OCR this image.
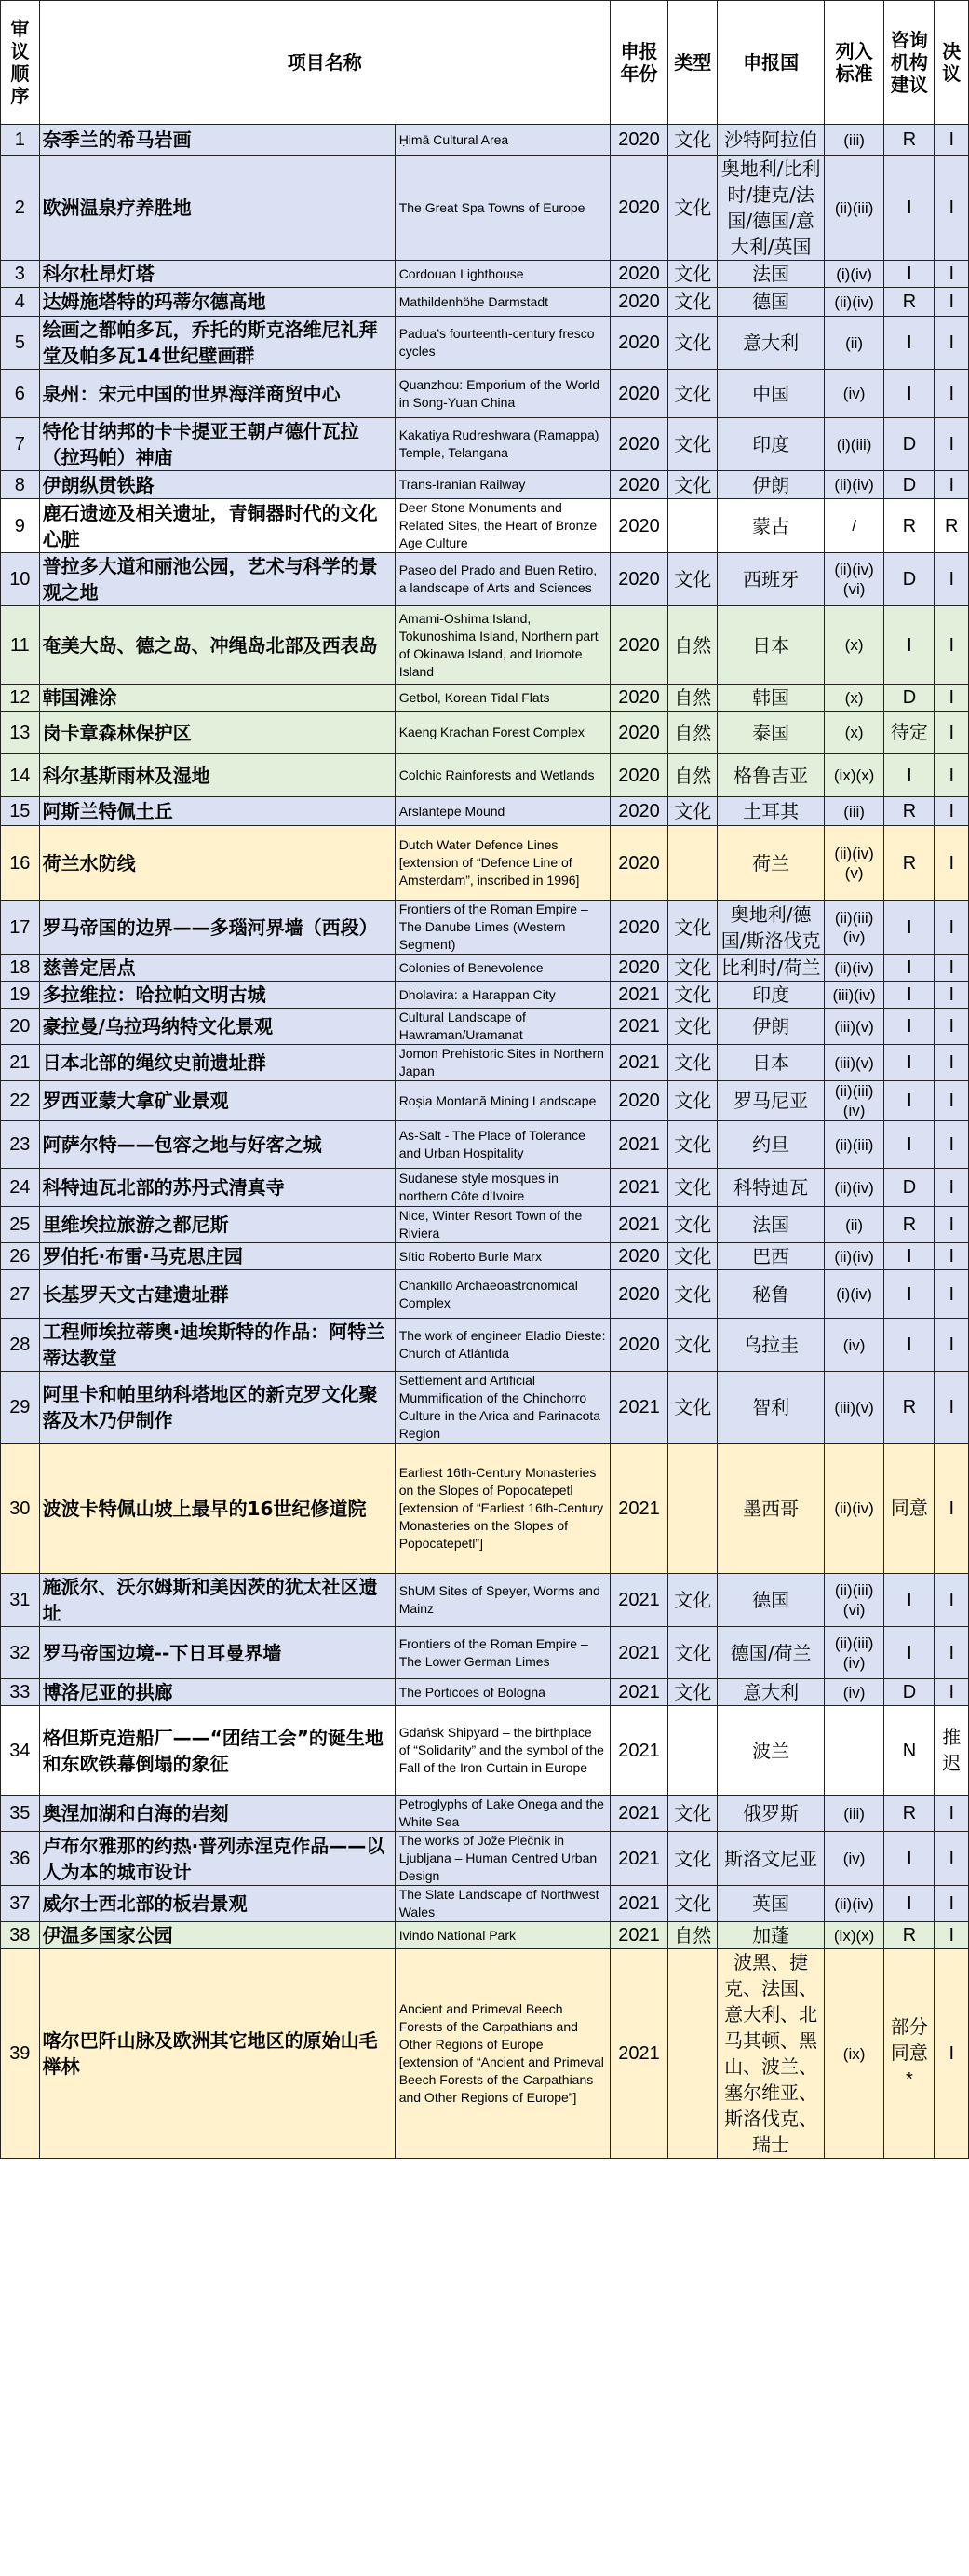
审议顺序	项目名称		申报年份	类型	申报国	列入标准	咨询机构建议	决议
1	奈季兰的希马岩画	Ḥimā Cultural Area	2020	文化	沙特阿拉伯	(iii)	R	I
2	欧洲温泉疗养胜地	The Great Spa Towns of Europe	2020	文化	奥地利/比利时/捷克/法国/德国/意大利/英国	(ii)(iii)	I	I
3	科尔杜昂灯塔	Cordouan Lighthouse	2020	文化	法国	(i)(iv)	I	I
4	达姆施塔特的玛蒂尔德高地	Mathildenhöhe Darmstadt	2020	文化	德国	(ii)(iv)	R	I
5	绘画之都帕多瓦，乔托的斯克洛维尼礼拜堂及帕多瓦14世纪壁画群	Padua’s fourteenth-century fresco cycles	2020	文化	意大利	(ii)	I	I
6	泉州：宋元中国的世界海洋商贸中心	Quanzhou: Emporium of the World in Song-Yuan China	2020	文化	中国	(iv)	I	I
7	特伦甘纳邦的卡卡提亚王朝卢德什瓦拉（拉玛帕）神庙	Kakatiya Rudreshwara (Ramappa) Temple, Telangana	2020	文化	印度	(i)(iii)	D	I
8	伊朗纵贯铁路	Trans-Iranian Railway	2020	文化	伊朗	(ii)(iv)	D	I
9	鹿石遗迹及相关遗址，青铜器时代的文化心脏	Deer Stone Monuments and Related Sites, the Heart of Bronze Age Culture	2020		蒙古	/	R	R
10	普拉多大道和丽池公园，艺术与科学的景观之地	Paseo del Prado and Buen Retiro, a landscape of Arts and Sciences	2020	文化	西班牙	(ii)(iv)(vi)	D	I
11	奄美大岛、德之岛、冲绳岛北部及西表岛	Amami-Oshima Island, Tokunoshima Island, Northern part of Okinawa Island, and Iriomote Island	2020	自然	日本	(x)	I	I
12	韩国滩涂	Getbol, Korean Tidal Flats	2020	自然	韩国	(x)	D	I
13	岗卡章森林保护区	Kaeng Krachan Forest Complex	2020	自然	泰国	(x)	待定	I
14	科尔基斯雨林及湿地	Colchic Rainforests and Wetlands	2020	自然	格鲁吉亚	(ix)(x)	I	I
15	阿斯兰特佩土丘	Arslantepe Mound	2020	文化	土耳其	(iii)	R	I
16	荷兰水防线	Dutch Water Defence Lines [extension of “Defence Line of Amsterdam”, inscribed in 1996]	2020		荷兰	(ii)(iv)(v)	R	I
17	罗马帝国的边界——多瑙河界墙（西段）	Frontiers of the Roman Empire – The Danube Limes (Western Segment)	2020	文化	奥地利/德国/斯洛伐克	(ii)(iii)(iv)	I	I
18	慈善定居点	Colonies of Benevolence	2020	文化	比利时/荷兰	(ii)(iv)	I	I
19	多拉维拉：哈拉帕文明古城	Dholavira: a Harappan City	2021	文化	印度	(iii)(iv)	I	I
20	豪拉曼/乌拉玛纳特文化景观	Cultural Landscape of Hawraman/Uramanat	2021	文化	伊朗	(iii)(v)	I	I
21	日本北部的绳纹史前遗址群	Jomon Prehistoric Sites in Northern Japan	2021	文化	日本	(iii)(v)	I	I
22	罗西亚蒙大拿矿业景观	Roșia Montană Mining Landscape	2020	文化	罗马尼亚	(ii)(iii)(iv)	I	I
23	阿萨尔特——包容之地与好客之城	As-Salt - The Place of Tolerance and Urban Hospitality	2021	文化	约旦	(ii)(iii)	I	I
24	科特迪瓦北部的苏丹式清真寺	Sudanese style mosques in northern Côte d’Ivoire	2021	文化	科特迪瓦	(ii)(iv)	D	I
25	里维埃拉旅游之都尼斯	Nice, Winter Resort Town of the Riviera	2021	文化	法国	(ii)	R	I
26	罗伯托·布雷·马克思庄园	Sítio Roberto Burle Marx	2020	文化	巴西	(ii)(iv)	I	I
27	长基罗天文古建遗址群	Chankillo Archaeoastronomical Complex	2020	文化	秘鲁	(i)(iv)	I	I
28	工程师埃拉蒂奥·迪埃斯特的作品：阿特兰蒂达教堂	The work of engineer Eladio Dieste: Church of Atlántida	2020	文化	乌拉圭	(iv)	I	I
29	阿里卡和帕里纳科塔地区的新克罗文化聚落及木乃伊制作	Settlement and Artificial Mummification of the Chinchorro Culture in the Arica and Parinacota Region	2021	文化	智利	(iii)(v)	R	I
30	波波卡特佩山坡上最早的16世纪修道院	Earliest 16th-Century Monasteries on the Slopes of Popocatepetl [extension of “Earliest 16th-Century Monasteries on the Slopes of Popocatepetl”]	2021		墨西哥	(ii)(iv)	同意	I
31	施派尔、沃尔姆斯和美因茨的犹太社区遗址	ShUM Sites of Speyer, Worms and Mainz	2021	文化	德国	(ii)(iii)(vi)	I	I
32	罗马帝国边境--下日耳曼界墙	Frontiers of the Roman Empire – The Lower German Limes	2021	文化	德国/荷兰	(ii)(iii)(iv)	I	I
33	博洛尼亚的拱廊	The Porticoes of Bologna	2021	文化	意大利	(iv)	D	I
34	格但斯克造船厂——“团结工会”的诞生地和东欧铁幕倒塌的象征	Gdańsk Shipyard – the birthplace of “Solidarity” and the symbol of the Fall of the Iron Curtain in Europe	2021		波兰		N	推迟
35	奥涅加湖和白海的岩刻	Petroglyphs of Lake Onega and the White Sea	2021	文化	俄罗斯	(iii)	R	I
36	卢布尔雅那的约热·普列赤涅克作品——以人为本的城市设计	The works of Jože Plečnik in Ljubljana – Human Centred Urban Design	2021	文化	斯洛文尼亚	(iv)	I	I
37	威尔士西北部的板岩景观	The Slate Landscape of Northwest Wales	2021	文化	英国	(ii)(iv)	I	I
38	伊温多国家公园	Ivindo National Park	2021	自然	加蓬	(ix)(x)	R	I
39	喀尔巴阡山脉及欧洲其它地区的原始山毛榉林	Ancient and Primeval Beech Forests of the Carpathians and Other Regions of Europe [extension of “Ancient and Primeval Beech Forests of the Carpathians and Other Regions of Europe”]	2021		波黑、捷克、法国、意大利、北马其顿、黑山、波兰、塞尔维亚、斯洛伐克、瑞士	(ix)	部分同意*	I
